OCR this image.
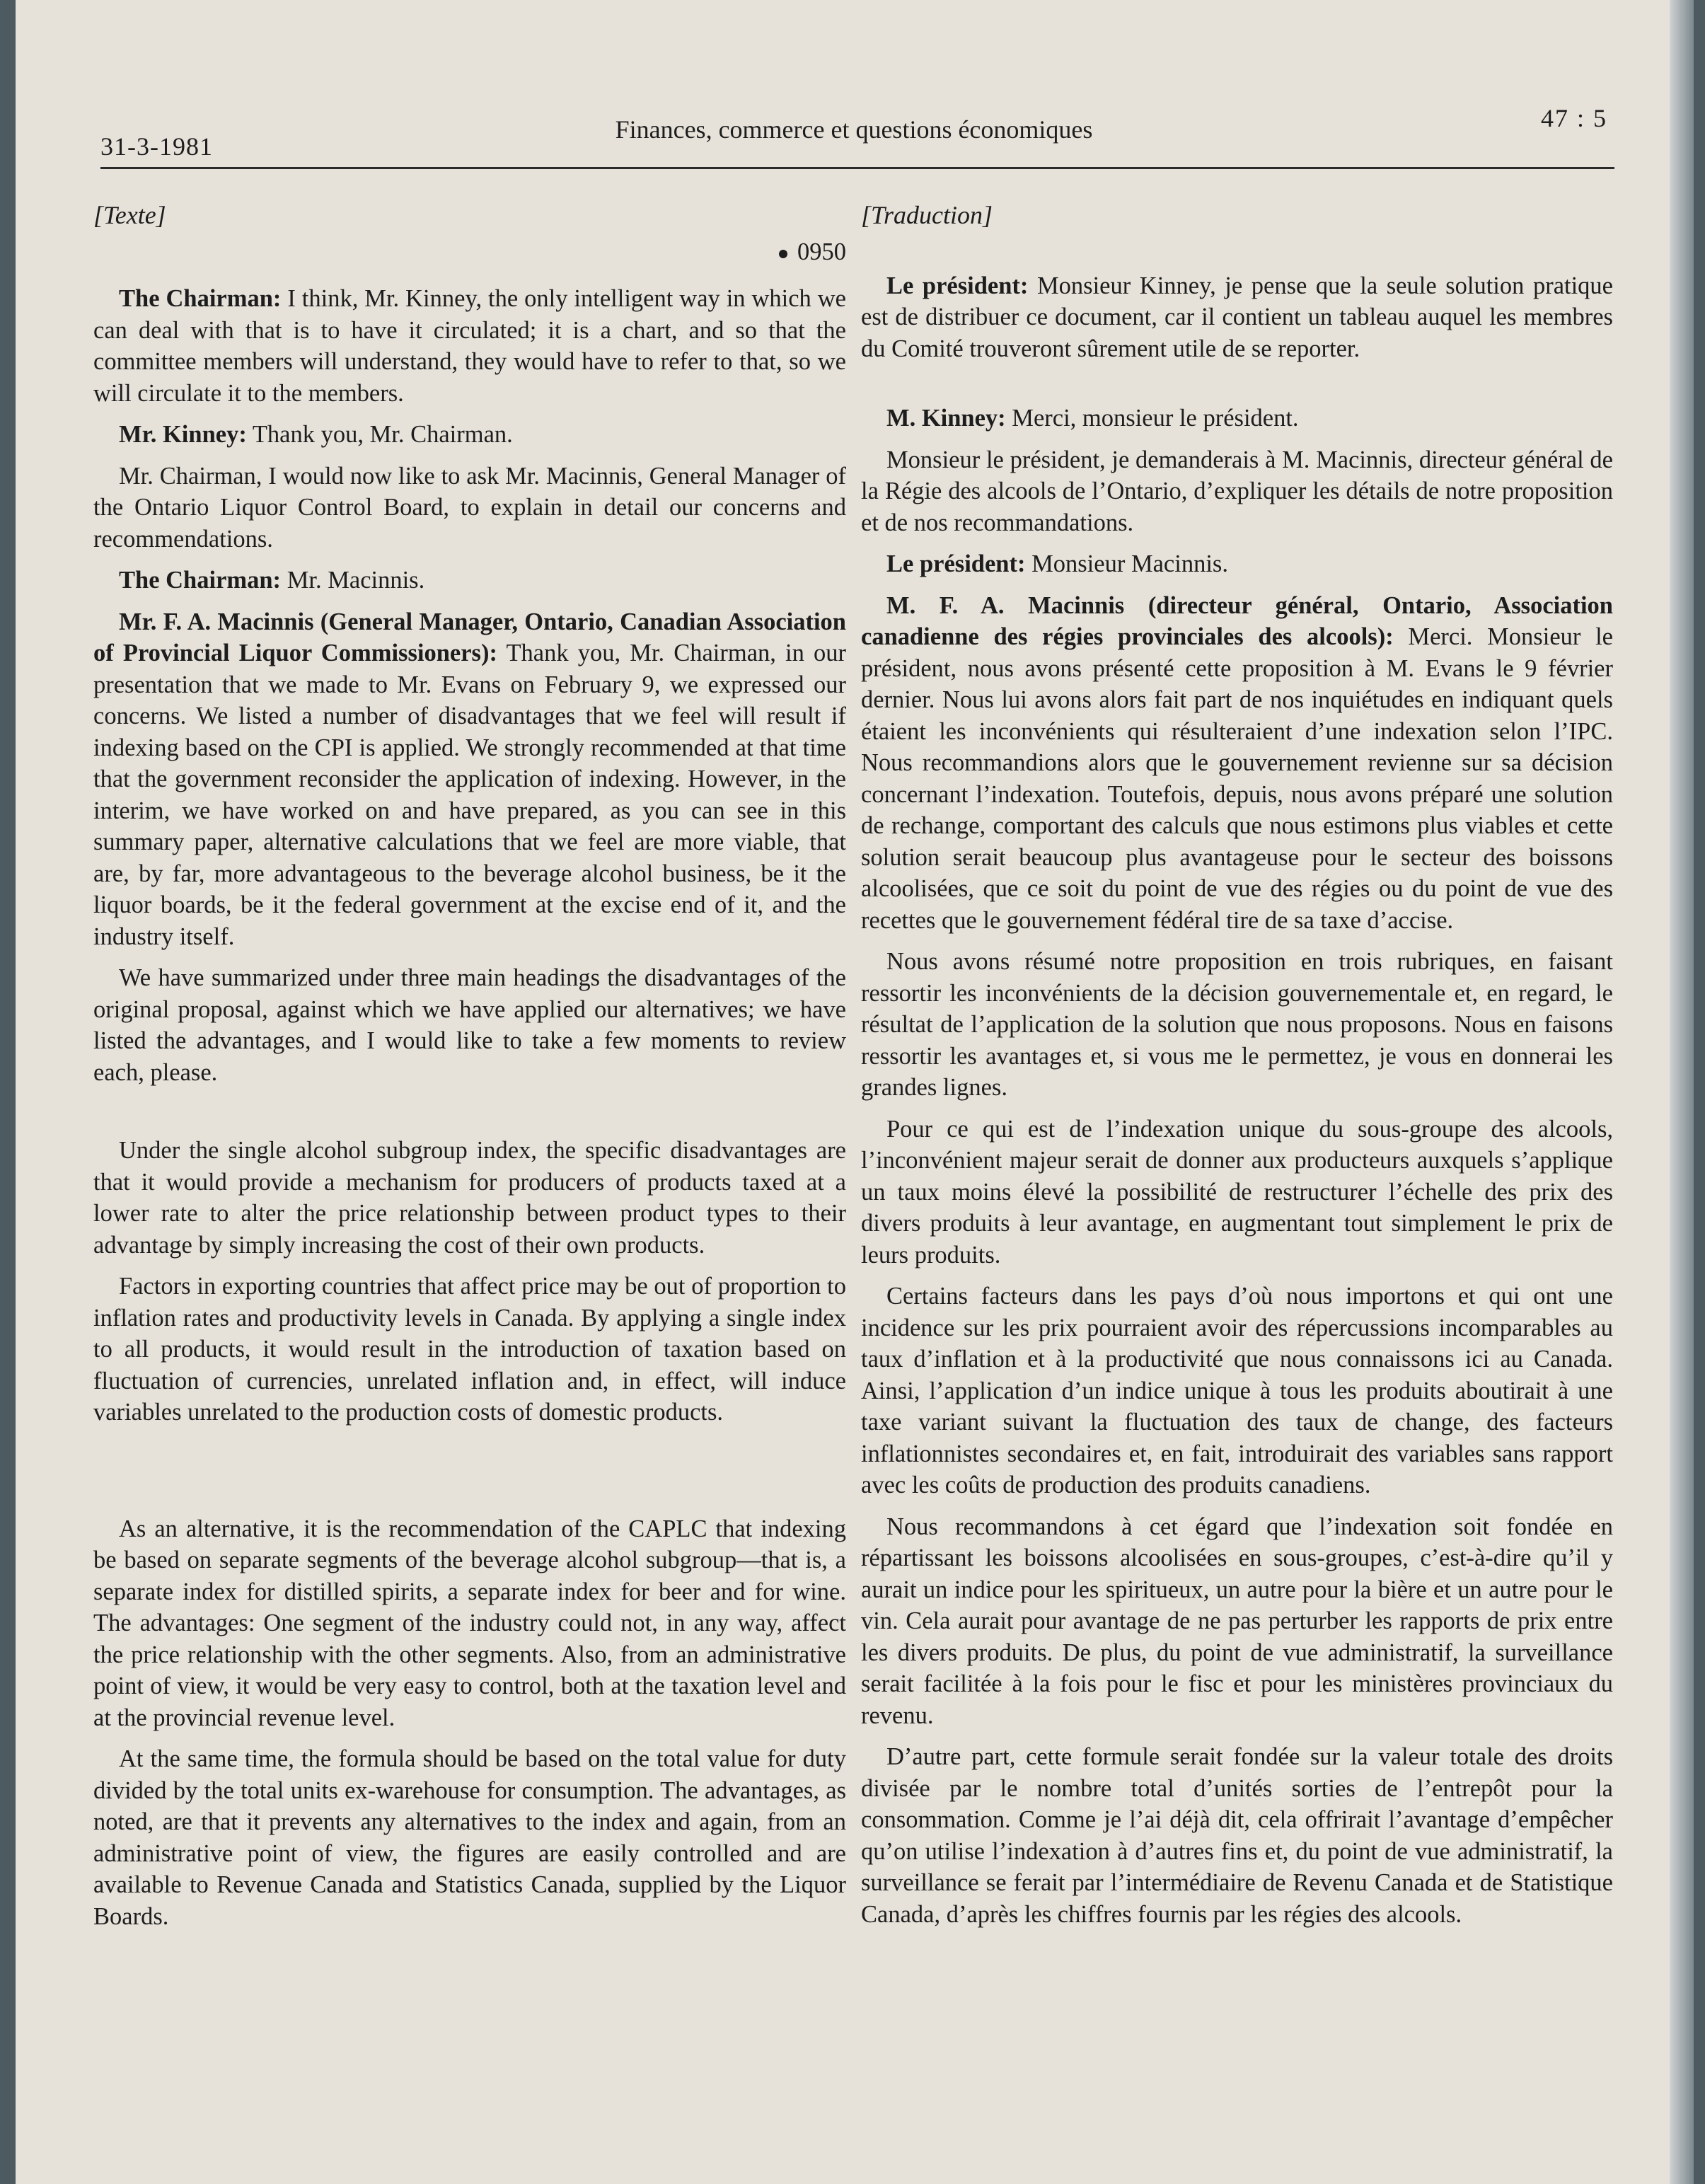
31-3-1981
Finances, commerce et questions économiques	47 : 5
[Texte]
0950

The Chairman: I think, Mr. Kinney, the only intelligent way in which we can deal with that is to have it circulated; it is a chart, and so that the committee members will understand, they would have to refer to that, so we will circulate it to the members.

Mr. Kinney: Thank you, Mr. Chairman.

Mr. Chairman, I would now like to ask Mr. Macinnis, General Manager of the Ontario Liquor Control Board, to explain in detail our concerns and recommendations.

The Chairman: Mr. Macinnis.

Mr. F. A. Macinnis (General Manager, Ontario, Canadian Association of Provincial Liquor Commissioners): Thank you, Mr. Chairman, in our presentation that we made to Mr. Evans on February 9, we expressed our concerns. We listed a number of disadvantages that we feel will result if indexing based on the CPI is applied. We strongly recommended at that time that the government reconsider the application of indexing. However, in the interim, we have worked on and have prepared, as you can see in this summary paper, alternative calculations that we feel are more viable, that are, by far, more advantageous to the beverage alcohol business, be it the liquor boards, be it the federal government at the excise end of it, and the industry itself.

We have summarized under three main headings the disadvantages of the original proposal, against which we have applied our alternatives; we have listed the advantages, and I would like to take a few moments to review each, please.

Under the single alcohol subgroup index, the specific disadvantages are that it would provide a mechanism for producers of products taxed at a lower rate to alter the price relationship between product types to their advantage by simply increasing the cost of their own products.

Factors in exporting countries that affect price may be out of proportion to inflation rates and productivity levels in Canada. By applying a single index to all products, it would result in the introduction of taxation based on fluctuation of currencies, unrelated inflation and, in effect, will induce variables unrelated to the production costs of domestic products.

As an alternative, it is the recommendation of the CAPLC that indexing be based on separate segments of the beverage alcohol subgroup—that is, a separate index for distilled spirits, a separate index for beer and for wine. The advantages: One segment of the industry could not, in any way, affect the price relationship with the other segments. Also, from an administrative point of view, it would be very easy to control, both at the taxation level and at the provincial revenue level.

At the same time, the formula should be based on the total value for duty divided by the total units ex-warehouse for consumption. The advantages, as noted, are that it prevents any alternatives to the index and again, from an administrative point of view, the figures are easily controlled and are available to Revenue Canada and Statistics Canada, supplied by the Liquor Boards.

[Traduction]

Le président: Monsieur Kinney, je pense que la seule solution pratique est de distribuer ce document, car il contient un tableau auquel les membres du Comité trouveront sûrement utile de se reporter.

M. Kinney: Merci, monsieur le président.

Monsieur le président, je demanderais à M. Macinnis, directeur général de la Régie des alcools de l’Ontario, d’expliquer les détails de notre proposition et de nos recommandations.

Le président: Monsieur Macinnis.

M. F. A. Macinnis (directeur général, Ontario, Association canadienne des régies provinciales des alcools): Merci. Monsieur le président, nous avons présenté cette proposition à M. Evans le 9 février dernier. Nous lui avons alors fait part de nos inquiétudes en indiquant quels étaient les inconvénients qui résulteraient d’une indexation selon l’IPC. Nous recommandions alors que le gouvernement revienne sur sa décision concernant l’indexation. Toutefois, depuis, nous avons préparé une solution de rechange, comportant des calculs que nous estimons plus viables et cette solution serait beaucoup plus avantageuse pour le secteur des boissons alcoolisées, que ce soit du point de vue des régies ou du point de vue des recettes que le gouvernement fédéral tire de sa taxe d’accise.

Nous avons résumé notre proposition en trois rubriques, en faisant ressortir les inconvénients de la décision gouvernementale et, en regard, le résultat de l’application de la solution que nous proposons. Nous en faisons ressortir les avantages et, si vous me le permettez, je vous en donnerai les grandes lignes.

Pour ce qui est de l’indexation unique du sous-groupe des alcools, l’inconvénient majeur serait de donner aux producteurs auxquels s’applique un taux moins élevé la possibilité de restructurer l’échelle des prix des divers produits à leur avantage, en augmentant tout simplement le prix de leurs produits.

Certains facteurs dans les pays d’où nous importons et qui ont une incidence sur les prix pourraient avoir des répercussions incomparables au taux d’inflation et à la productivité que nous connaissons ici au Canada. Ainsi, l’application d’un indice unique à tous les produits aboutirait à une taxe variant suivant la fluctuation des taux de change, des facteurs inflationnistes secondaires et, en fait, introduirait des variables sans rapport avec les coûts de production des produits canadiens.

Nous recommandons à cet égard que l’indexation soit fondée en répartissant les boissons alcoolisées en sous-groupes, c’est-à-dire qu’il y aurait un indice pour les spiritueux, un autre pour la bière et un autre pour le vin. Cela aurait pour avantage de ne pas perturber les rapports de prix entre les divers produits. De plus, du point de vue administratif, la surveillance serait facilitée à la fois pour le fisc et pour les ministères provinciaux du revenu.

D’autre part, cette formule serait fondée sur la valeur totale des droits divisée par le nombre total d’unités sorties de l’entrepôt pour la consommation. Comme je l’ai déjà dit, cela offrirait l’avantage d’empêcher qu’on utilise l’indexation à d’autres fins et, du point de vue administratif, la surveillance se ferait par l’intermédiaire de Revenu Canada et de Statistique Canada, d’après les chiffres fournis par les régies des alcools.
